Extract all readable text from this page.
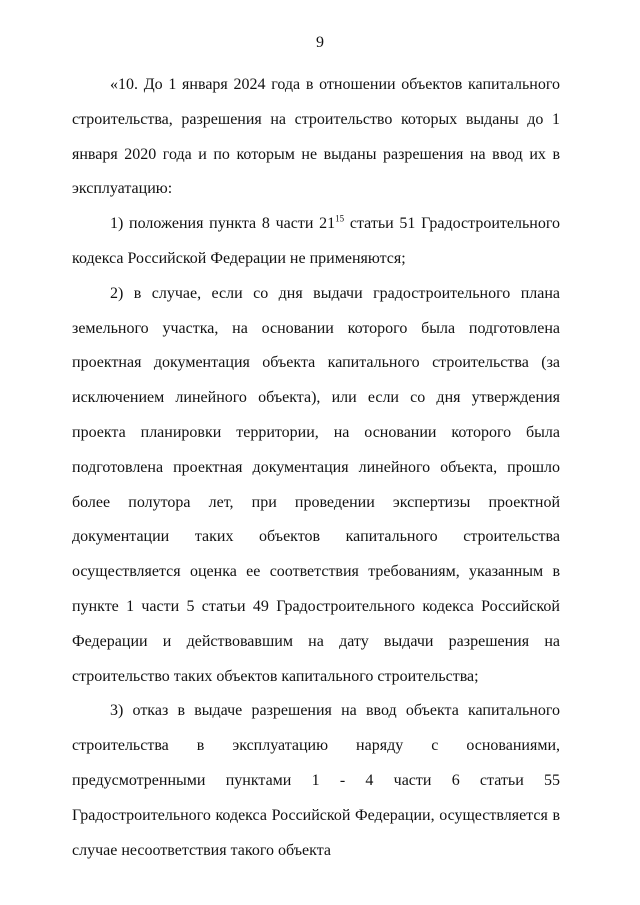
9

«10. До 1 января 2024 года в отношении объектов капитального строительства, разрешения на строительство которых выданы до 1 января 2020 года и по которым не выданы разрешения на ввод их в эксплуатацию:

1) положения пункта 8 части $21^{15}$ статьи 51 Градостроительного кодекса Российской Федерации не применяются;

2) в случае, если со дня выдачи градостроительного плана земельного участка, на основании которого была подготовлена проектная документация объекта капитального строительства (за исключением линейного объекта), или если со дня утверждения проекта планировки территории, на основании которого была подготовлена проектная документация линейного объекта, прошло более полутора лет, при проведении экспертизы проектной документации таких объектов капитального строительства осуществляется оценка ее соответствия требованиям, указанным в пункте 1 части 5 статьи 49 Градостроительного кодекса Российской Федерации и действовавшим на дату выдачи разрешения на строительство таких объектов капитального строительства;

3) отказ в выдаче разрешения на ввод объекта капитального строительства в эксплуатацию наряду с основаниями, предусмотренными пунктами 1 - 4 части 6 статьи 55 Градостроительного кодекса Российской Федерации, осуществляется в случае несоответствия такого объекта
